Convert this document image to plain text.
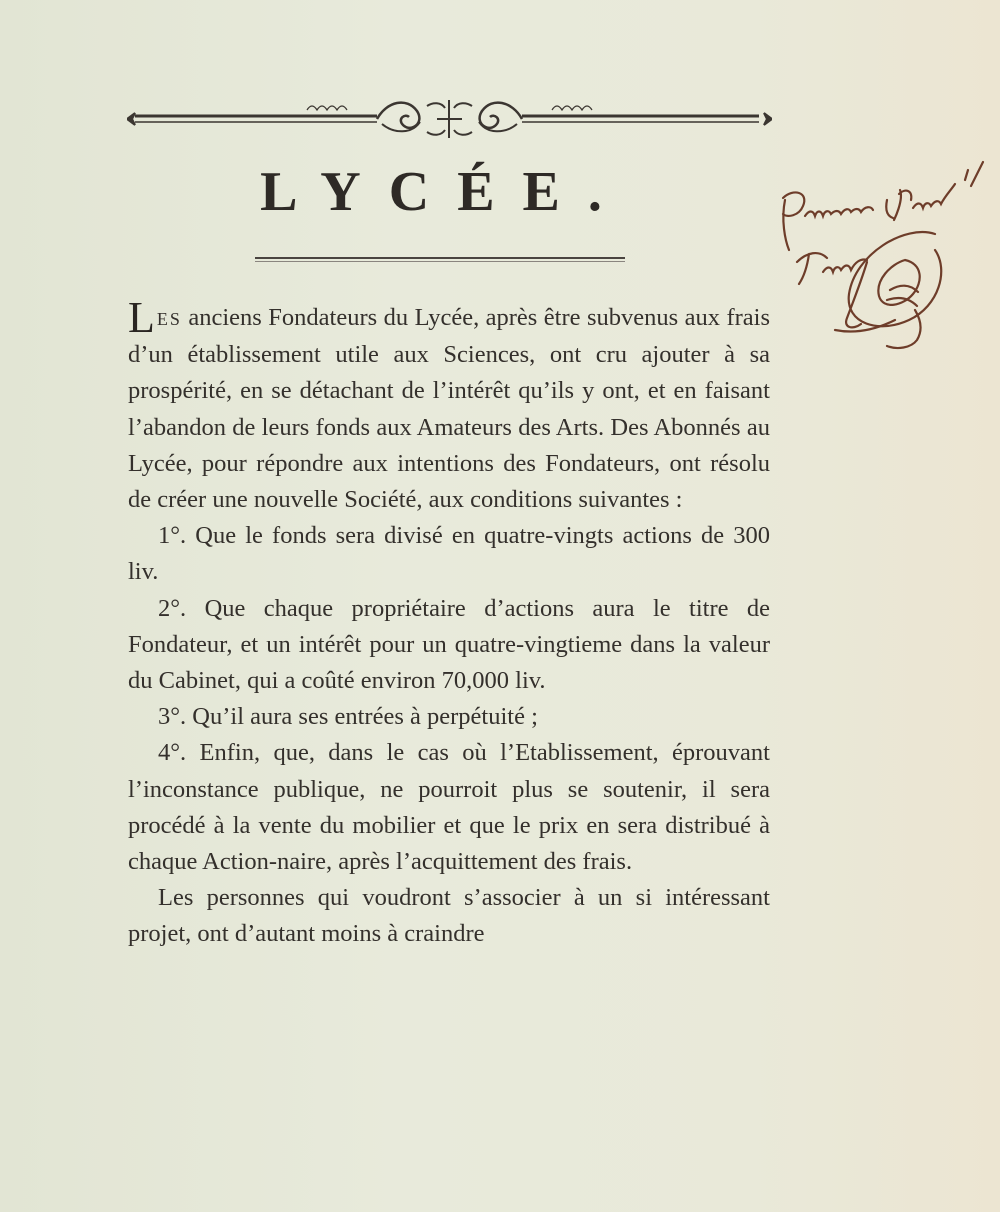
LYCÉE.

LES anciens Fondateurs du Lycée, après être subvenus aux frais d’un établissement utile aux Sciences, ont cru ajouter à sa prospérité, en se détachant de l’intérêt qu’ils y ont, et en faisant l’abandon de leurs fonds aux Amateurs des Arts. Des Abonnés au Lycée, pour répondre aux intentions des Fondateurs, ont résolu de créer une nouvelle Société, aux conditions suivantes :

1°. Que le fonds sera divisé en quatre-vingts actions de 300 liv.

2°. Que chaque propriétaire d’actions aura le titre de Fondateur, et un intérêt pour un quatre-vingtieme dans la valeur du Cabinet, qui a coûté environ 70,000 liv.

3°. Qu’il aura ses entrées à perpétuité ;

4°. Enfin, que, dans le cas où l’Etablissement, éprouvant l’inconstance publique, ne pourroit plus se soutenir, il sera procédé à la vente du mobilier et que le prix en sera distribué à chaque Action-naire, après l’acquittement des frais.

Les personnes qui voudront s’associer à un si intéressant projet, ont d’autant moins à craindre
